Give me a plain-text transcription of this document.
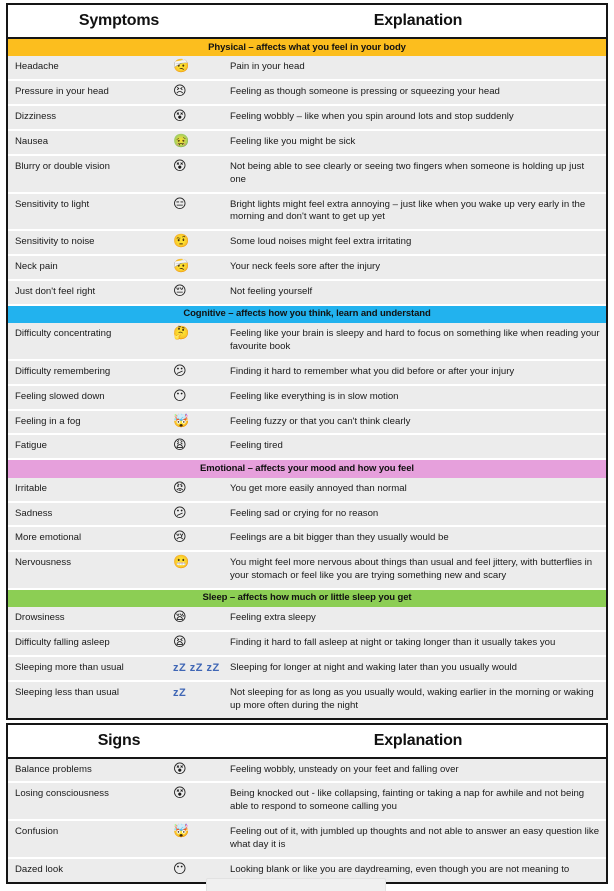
Symptoms	Explanation
Physical – affects what you feel in your body
Headache	🤕	Pain in your head
Pressure in your head	😣	Feeling as though someone is pressing or squeezing your head
Dizziness	😵	Feeling wobbly – like when you spin around lots and stop suddenly
Nausea	🤢	Feeling like you might be sick
Blurry or double vision	😵	Not being able to see clearly or seeing two fingers when someone is holding up just one
Sensitivity to light	😑	Bright lights might feel extra annoying – just like when you wake up very early in the morning and don't want to get up yet
Sensitivity to noise	🤨	Some loud noises might feel extra irritating
Neck pain	🤕	Your neck feels sore after the injury
Just don't feel right	😔	Not feeling yourself
Cognitive – affects how you think, learn and understand
Difficulty concentrating	🤔	Feeling like your brain is sleepy and hard to focus on something like when reading your favourite book
Difficulty remembering	😕	Finding it hard to remember what you did before or after your injury
Feeling slowed down	😶	Feeling like everything is in slow motion
Feeling in a fog	🤯	Feeling fuzzy or that you can't think clearly
Fatigue	😩	Feeling tired
Emotional – affects your mood and how you feel
Irritable	😡	You get more easily annoyed than normal
Sadness	😕	Feeling sad or crying for no reason
More emotional	😢	Feelings are a bit bigger than they usually would be
Nervousness	😬	You might feel more nervous about things than usual and feel jittery, with butterflies in your stomach or feel like you are trying something new and scary
Sleep – affects how much or little sleep you get
Drowsiness	😪	Feeling extra sleepy
Difficulty falling asleep	😫	Finding it hard to fall asleep at night or taking longer than it usually takes you
Sleeping more than usual	zZ zZ zZ	Sleeping for longer at night and waking later than you usually would
Sleeping less than usual	zZ	Not sleeping for as long as you usually would, waking earlier in the morning or waking up more often during the night
Signs	Explanation
Balance problems	😵	Feeling wobbly, unsteady on your feet and falling over
Losing consciousness	😵	Being knocked out - like collapsing, fainting or taking a nap for awhile and not being able to respond to someone calling you
Confusion	🤯	Feeling out of it, with jumbled up thoughts and not able to answer an easy question like what day it is
Dazed look	😶	Looking blank or like you are daydreaming, even though you are not meaning to
